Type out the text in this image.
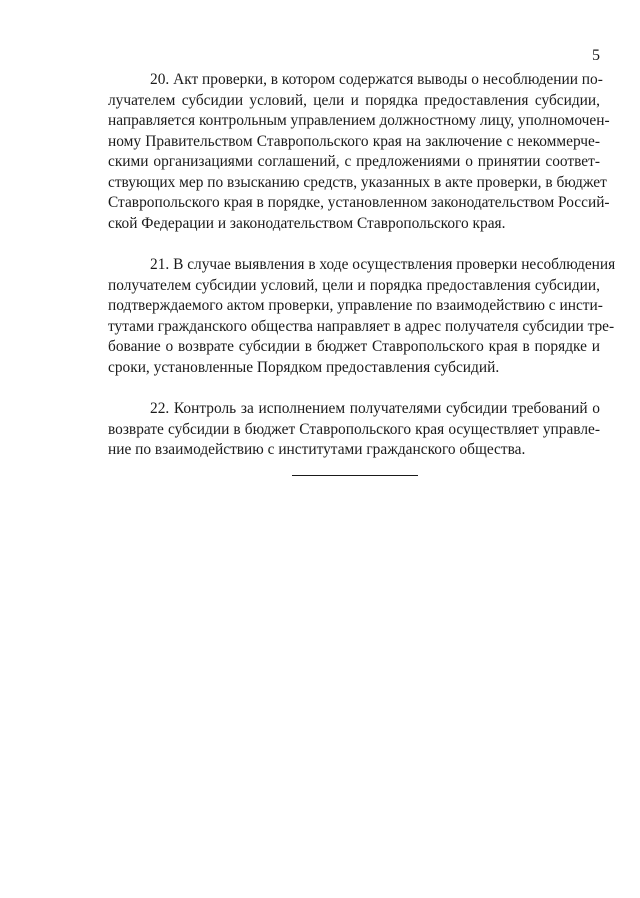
5
20. Акт проверки, в котором содержатся выводы о несоблюдении по-
лучателем субсидии условий, цели и порядка предоставления субсидии,
направляется контрольным управлением должностному лицу, уполномочен-
ному Правительством Ставропольского края на заключение с некоммерче-
скими организациями соглашений, с предложениями о принятии соответ-
ствующих мер по взысканию средств, указанных в акте проверки, в бюджет
Ставропольского края в порядке, установленном законодательством Россий-
ской Федерации и законодательством Ставропольского края.
21. В случае выявления в ходе осуществления проверки несоблюдения
получателем субсидии условий, цели и порядка предоставления субсидии,
подтверждаемого актом проверки, управление по взаимодействию с инсти-
тутами гражданского общества направляет в адрес получателя субсидии тре-
бование о возврате субсидии в бюджет Ставропольского края в порядке и
сроки, установленные Порядком предоставления субсидий.
22. Контроль за исполнением получателями субсидии требований о
возврате субсидии в бюджет Ставропольского края осуществляет управле-
ние по взаимодействию с институтами гражданского общества.
